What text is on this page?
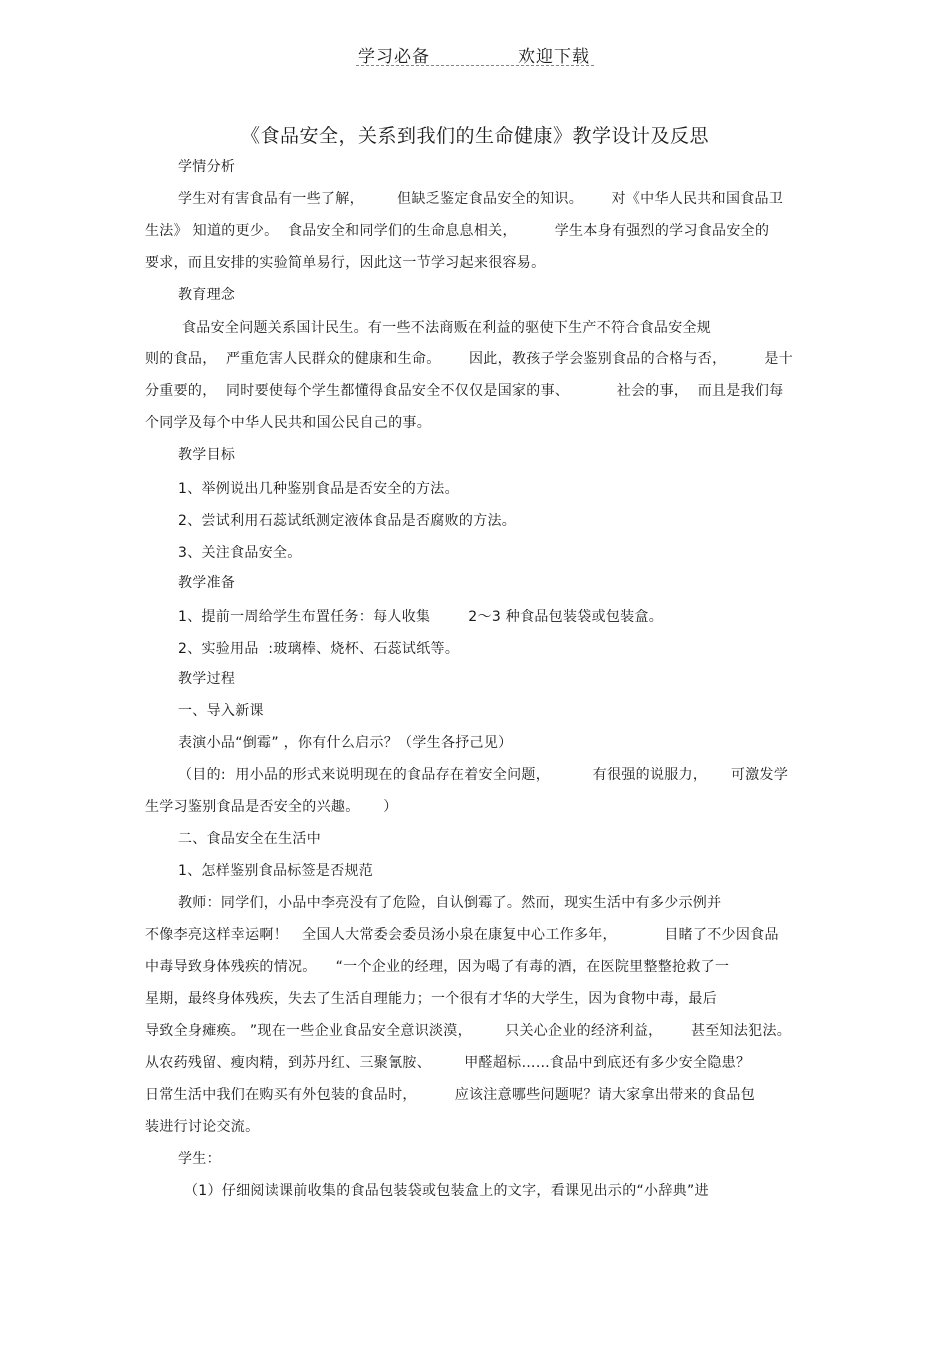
学习必备	欢迎下载
《食品安全，关系到我们的生命健康》教学设计及反思
学情分析
学生对有害食品有一些了解，       但缺乏鉴定食品安全的知识。      对《中华人民共和国食品卫
生法》 知道的更少。  食品安全和同学们的生命息息相关，        学生本身有强烈的学习食品安全的
要求，而且安排的实验简单易行，因此这一节学习起来很容易。
教育理念
食品安全问题关系国计民生。有一些不法商贩在利益的驱使下生产不符合食品安全规
则的食品，  严重危害人民群众的健康和生命。      因此，教孩子学会鉴别食品的合格与否，        是十
分重要的，  同时要使每个学生都懂得食品安全不仅仅是国家的事、          社会的事，  而且是我们每
个同学及每个中华人民共和国公民自己的事。
教学目标
1、举例说出几种鉴别食品是否安全的方法。
2、尝试利用石蕊试纸测定液体食品是否腐败的方法。
3、关注食品安全。
教学准备
1、提前一周给学生布置任务：每人收集        2～3 种食品包装袋或包装盒。
2、实验用品  :玻璃棒、烧杯、石蕊试纸等。
教学过程
一、导入新课
表演小品“倒霉” ，你有什么启示？（学生各抒己见）
（目的:  用小品的形式来说明现在的食品存在着安全问题，         有很强的说服力，     可激发学
生学习鉴别食品是否安全的兴趣。     ）
二、食品安全在生活中
1、怎样鉴别食品标签是否规范
教师：同学们，小品中李亮没有了危险，自认倒霉了。然而，现实生活中有多少示例并
不像李亮这样幸运啊！   全国人大常委会委员汤小泉在康复中心工作多年，          目睹了不少因食品
中毒导致身体残疾的情况。    “一个企业的经理，因为喝了有毒的酒，在医院里整整抢救了一
星期，最终身体残疾，失去了生活自理能力；一个很有才华的大学生，因为食物中毒，最后
导致全身瘫痪。 ”现在一些企业食品安全意识淡漠，       只关心企业的经济利益，      甚至知法犯法。
从农药残留、瘦肉精，到苏丹红、三聚氰胺、       甲醛超标……食品中到底还有多少安全隐患？
日常生活中我们在购买有外包装的食品时，        应该注意哪些问题呢？请大家拿出带来的食品包
装进行讨论交流。
学生：
（1）仔细阅读课前收集的食品包装袋或包装盒上的文字，看课见出示的“小辞典”进
